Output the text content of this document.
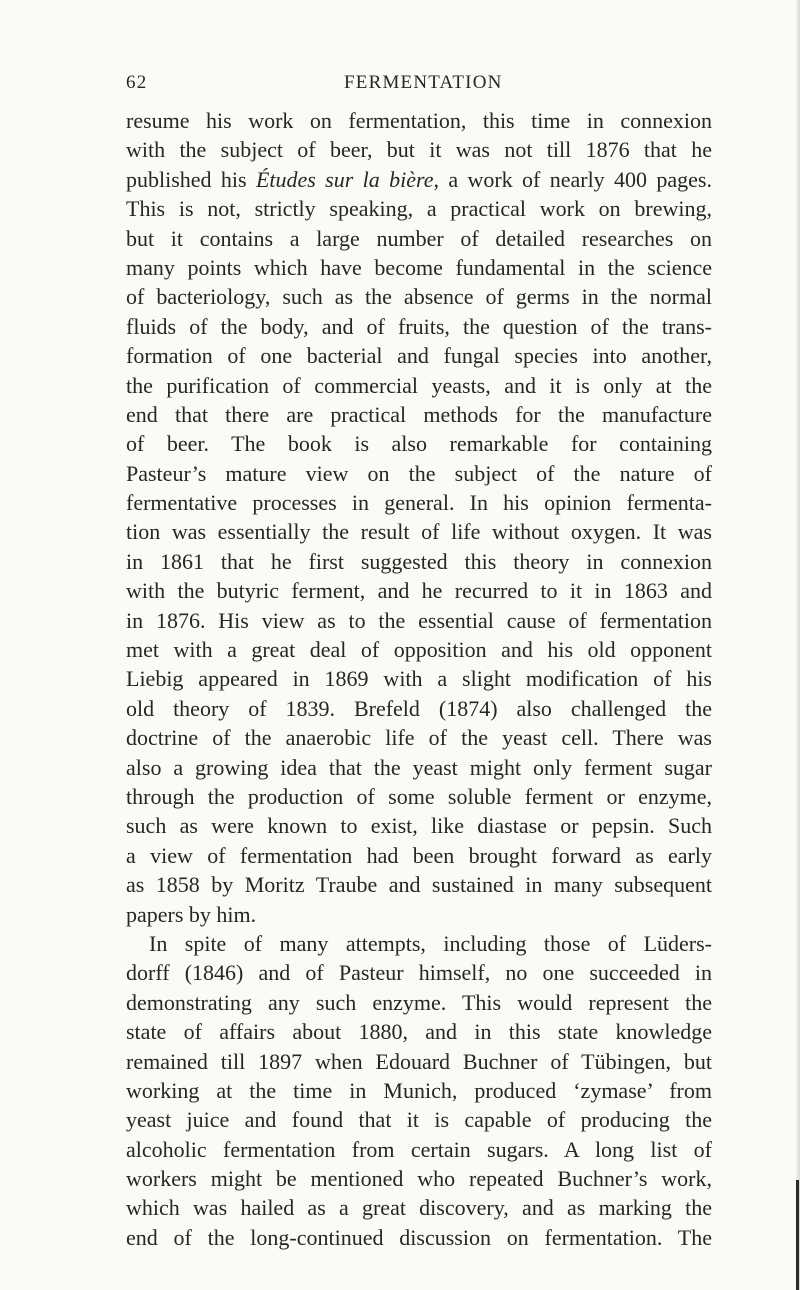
62	FERMENTATION
resume his work on fermentation, this time in connexion
with the subject of beer, but it was not till 1876 that he
published his Études sur la bière, a work of nearly 400 pages.
This is not, strictly speaking, a practical work on brewing,
but it contains a large number of detailed researches on
many points which have become fundamental in the science
of bacteriology, such as the absence of germs in the normal
fluids of the body, and of fruits, the question of the trans-
formation of one bacterial and fungal species into another,
the purification of commercial yeasts, and it is only at the
end that there are practical methods for the manufacture
of beer. The book is also remarkable for containing
Pasteur’s mature view on the subject of the nature of
fermentative processes in general. In his opinion fermenta-
tion was essentially the result of life without oxygen. It was
in 1861 that he first suggested this theory in connexion
with the butyric ferment, and he recurred to it in 1863 and
in 1876. His view as to the essential cause of fermentation
met with a great deal of opposition and his old opponent
Liebig appeared in 1869 with a slight modification of his
old theory of 1839. Brefeld (1874) also challenged the
doctrine of the anaerobic life of the yeast cell. There was
also a growing idea that the yeast might only ferment sugar
through the production of some soluble ferment or enzyme,
such as were known to exist, like diastase or pepsin. Such
a view of fermentation had been brought forward as early
as 1858 by Moritz Traube and sustained in many subsequent
papers by him.
In spite of many attempts, including those of Lüders-
dorff (1846) and of Pasteur himself, no one succeeded in
demonstrating any such enzyme. This would represent the
state of affairs about 1880, and in this state knowledge
remained till 1897 when Edouard Buchner of Tübingen, but
working at the time in Munich, produced ‘zymase’ from
yeast juice and found that it is capable of producing the
alcoholic fermentation from certain sugars. A long list of
workers might be mentioned who repeated Buchner’s work,
which was hailed as a great discovery, and as marking the
end of the long-continued discussion on fermentation. The
